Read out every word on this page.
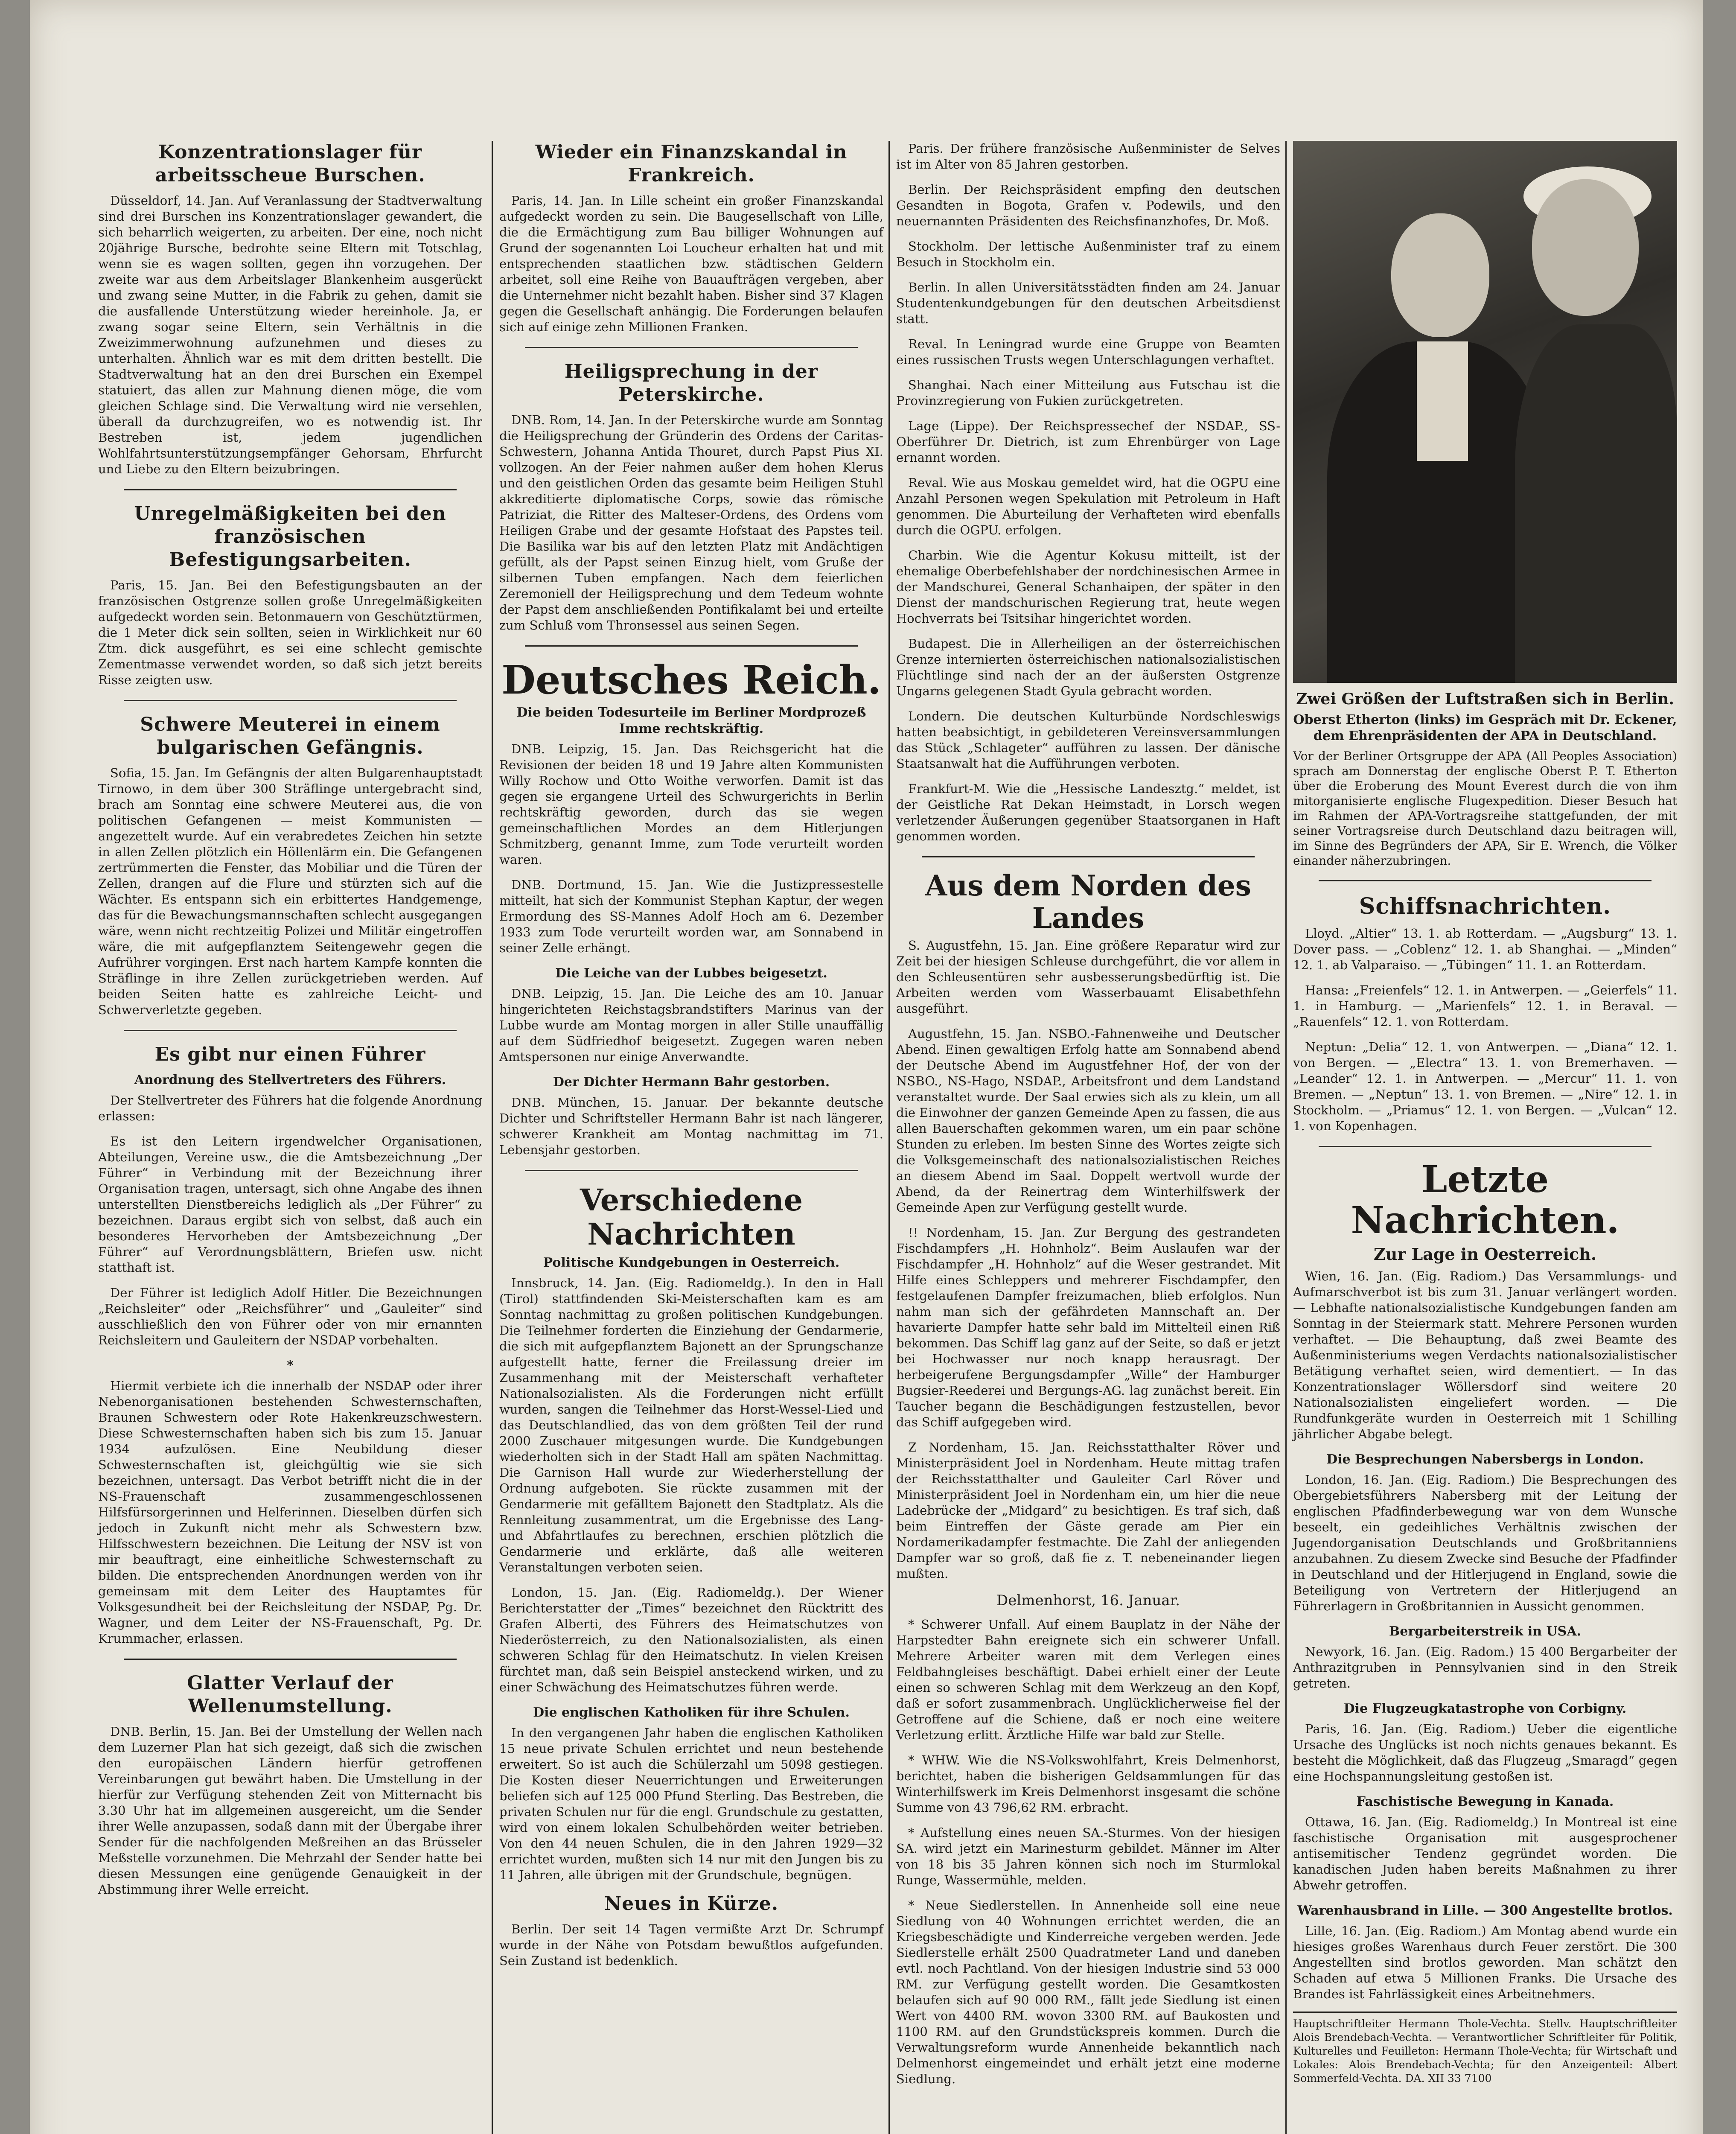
Konzentrationslager für arbeitsscheue Burschen.
Düsseldorf, 14. Jan. Auf Veranlassung der Stadtverwaltung sind drei Burschen ins Konzentrationslager gewandert, die sich beharrlich weigerten, zu arbeiten. Der eine, noch nicht 20jährige Bursche, bedrohte seine Eltern mit Totschlag, wenn sie es wagen sollten, gegen ihn vorzugehen. Der zweite war aus dem Arbeitslager Blankenheim ausgerückt und zwang seine Mutter, in die Fabrik zu gehen, damit sie die ausfallende Unterstützung wieder hereinhole. Ja, er zwang sogar seine Eltern, sein Verhältnis in die Zweizimmerwohnung aufzunehmen und dieses zu unterhalten. Ähnlich war es mit dem dritten bestellt. Die Stadtverwaltung hat an den drei Burschen ein Exempel statuiert, das allen zur Mahnung dienen möge, die vom gleichen Schlage sind. Die Verwaltung wird nie versehlen, überall da durchzugreifen, wo es notwendig ist. Ihr Bestreben ist, jedem jugendlichen Wohlfahrtsunterstützungsempfänger Gehorsam, Ehrfurcht und Liebe zu den Eltern beizubringen.
Unregelmäßigkeiten bei den französischen Befestigungsarbeiten.
Paris, 15. Jan. Bei den Befestigungsbauten an der französischen Ostgrenze sollen große Unregelmäßigkeiten aufgedeckt worden sein. Betonmauern von Geschütztürmen, die 1 Meter dick sein sollten, seien in Wirklichkeit nur 60 Ztm. dick ausgeführt, es sei eine schlecht gemischte Zementmasse verwendet worden, so daß sich jetzt bereits Risse zeigten usw.
Schwere Meuterei in einem bulgarischen Gefängnis.
Sofia, 15. Jan. Im Gefängnis der alten Bulgarenhauptstadt Tirnowo, in dem über 300 Sträflinge untergebracht sind, brach am Sonntag eine schwere Meuterei aus, die von politischen Gefangenen — meist Kommunisten — angezettelt wurde. Auf ein verabredetes Zeichen hin setzte in allen Zellen plötzlich ein Höllenlärm ein. Die Gefangenen zertrümmerten die Fenster, das Mobiliar und die Türen der Zellen, drangen auf die Flure und stürzten sich auf die Wächter. Es entspann sich ein erbittertes Handgemenge, das für die Bewachungsmannschaften schlecht ausgegangen wäre, wenn nicht rechtzeitig Polizei und Militär eingetroffen wäre, die mit aufgepflanztem Seitengewehr gegen die Aufrührer vorgingen. Erst nach hartem Kampfe konnten die Sträflinge in ihre Zellen zurückgetrieben werden. Auf beiden Seiten hatte es zahlreiche Leicht- und Schwerverletzte gegeben.
Es gibt nur einen Führer
Anordnung des Stellvertreters des Führers.
Der Stellvertreter des Führers hat die folgende Anordnung erlassen:
Es ist den Leitern irgendwelcher Organisationen, Abteilungen, Vereine usw., die die Amtsbezeichnung „Der Führer“ in Verbindung mit der Bezeichnung ihrer Organisation tragen, untersagt, sich ohne Angabe des ihnen unterstellten Dienstbereichs lediglich als „Der Führer“ zu bezeichnen. Daraus ergibt sich von selbst, daß auch ein besonderes Hervorheben der Amtsbezeichnung „Der Führer“ auf Verordnungsblättern, Briefen usw. nicht statthaft ist.
Der Führer ist lediglich Adolf Hitler. Die Bezeichnungen „Reichsleiter“ oder „Reichsführer“ und „Gauleiter“ sind ausschließlich den von Führer oder von mir ernannten Reichsleitern und Gauleitern der NSDAP vorbehalten.
*
Hiermit verbiete ich die innerhalb der NSDAP oder ihrer Nebenorganisationen bestehenden Schwesternschaften, Braunen Schwestern oder Rote Hakenkreuzschwestern. Diese Schwesternschaften haben sich bis zum 15. Januar 1934 aufzulösen. Eine Neubildung dieser Schwesternschaften ist, gleichgültig wie sie sich bezeichnen, untersagt. Das Verbot betrifft nicht die in der NS-Frauenschaft zusammengeschlossenen Hilfsfürsorgerinnen und Helferinnen. Dieselben dürfen sich jedoch in Zukunft nicht mehr als Schwestern bzw. Hilfsschwestern bezeichnen. Die Leitung der NSV ist von mir beauftragt, eine einheitliche Schwesternschaft zu bilden. Die entsprechenden Anordnungen werden von ihr gemeinsam mit dem Leiter des Hauptamtes für Volksgesundheit bei der Reichsleitung der NSDAP, Pg. Dr. Wagner, und dem Leiter der NS-Frauenschaft, Pg. Dr. Krummacher, erlassen.
Glatter Verlauf der Wellenumstellung.
DNB. Berlin, 15. Jan. Bei der Umstellung der Wellen nach dem Luzerner Plan hat sich gezeigt, daß sich die zwischen den europäischen Ländern hierfür getroffenen Vereinbarungen gut bewährt haben. Die Umstellung in der hierfür zur Verfügung stehenden Zeit von Mitternacht bis 3.30 Uhr hat im allgemeinen ausgereicht, um die Sender ihrer Welle anzupassen, sodaß dann mit der Übergabe ihrer Sender für die nachfolgenden Meßreihen an das Brüsseler Meßstelle vorzunehmen. Die Mehrzahl der Sender hatte bei diesen Messungen eine genügende Genauigkeit in der Abstimmung ihrer Welle erreicht.
Wieder ein Finanzskandal in Frankreich.
Paris, 14. Jan. In Lille scheint ein großer Finanzskandal aufgedeckt worden zu sein. Die Baugesellschaft von Lille, die die Ermächtigung zum Bau billiger Wohnungen auf Grund der sogenannten Loi Loucheur erhalten hat und mit entsprechenden staatlichen bzw. städtischen Geldern arbeitet, soll eine Reihe von Bauaufträgen vergeben, aber die Unternehmer nicht bezahlt haben. Bisher sind 37 Klagen gegen die Gesellschaft anhängig. Die Forderungen belaufen sich auf einige zehn Millionen Franken.
Heiligsprechung in der Peterskirche.
DNB. Rom, 14. Jan. In der Peterskirche wurde am Sonntag die Heiligsprechung der Gründerin des Ordens der Caritas-Schwestern, Johanna Antida Thouret, durch Papst Pius XI. vollzogen. An der Feier nahmen außer dem hohen Klerus und den geistlichen Orden das gesamte beim Heiligen Stuhl akkreditierte diplomatische Corps, sowie das römische Patriziat, die Ritter des Malteser-Ordens, des Ordens vom Heiligen Grabe und der gesamte Hofstaat des Papstes teil. Die Basilika war bis auf den letzten Platz mit Andächtigen gefüllt, als der Papst seinen Einzug hielt, vom Gruße der silbernen Tuben empfangen. Nach dem feierlichen Zeremoniell der Heiligsprechung und dem Tedeum wohnte der Papst dem anschließenden Pontifikalamt bei und erteilte zum Schluß vom Thronsessel aus seinen Segen.
Deutsches Reich.
Die beiden Todesurteile im Berliner Mordprozeß Imme rechtskräftig.
DNB. Leipzig, 15. Jan. Das Reichsgericht hat die Revisionen der beiden 18 und 19 Jahre alten Kommunisten Willy Rochow und Otto Woithe verworfen. Damit ist das gegen sie ergangene Urteil des Schwurgerichts in Berlin rechtskräftig geworden, durch das sie wegen gemeinschaftlichen Mordes an dem Hitlerjungen Schmitzberg, genannt Imme, zum Tode verurteilt worden waren.
DNB. Dortmund, 15. Jan. Wie die Justizpressestelle mitteilt, hat sich der Kommunist Stephan Kaptur, der wegen Ermordung des SS-Mannes Adolf Hoch am 6. Dezember 1933 zum Tode verurteilt worden war, am Sonnabend in seiner Zelle erhängt.
Die Leiche van der Lubbes beigesetzt.
DNB. Leipzig, 15. Jan. Die Leiche des am 10. Januar hingerichteten Reichstagsbrandstifters Marinus van der Lubbe wurde am Montag morgen in aller Stille unauffällig auf dem Südfriedhof beigesetzt. Zugegen waren neben Amtspersonen nur einige Anverwandte.
Der Dichter Hermann Bahr gestorben.
DNB. München, 15. Januar. Der bekannte deutsche Dichter und Schriftsteller Hermann Bahr ist nach längerer, schwerer Krankheit am Montag nachmittag im 71. Lebensjahr gestorben.
Verschiedene Nachrichten
Politische Kundgebungen in Oesterreich.
Innsbruck, 14. Jan. (Eig. Radiomeldg.). In den in Hall (Tirol) stattfindenden Ski-Meisterschaften kam es am Sonntag nachmittag zu großen politischen Kundgebungen. Die Teilnehmer forderten die Einziehung der Gendarmerie, die sich mit aufgepflanztem Bajonett an der Sprungschanze aufgestellt hatte, ferner die Freilassung dreier im Zusammenhang mit der Meisterschaft verhafteter Nationalsozialisten. Als die Forderungen nicht erfüllt wurden, sangen die Teilnehmer das Horst-Wessel-Lied und das Deutschlandlied, das von dem größten Teil der rund 2000 Zuschauer mitgesungen wurde. Die Kundgebungen wiederholten sich in der Stadt Hall am späten Nachmittag. Die Garnison Hall wurde zur Wiederherstellung der Ordnung aufgeboten. Sie rückte zusammen mit der Gendarmerie mit gefälltem Bajonett den Stadtplatz. Als die Rennleitung zusammentrat, um die Ergebnisse des Lang- und Abfahrtlaufes zu berechnen, erschien plötzlich die Gendarmerie und erklärte, daß alle weiteren Veranstaltungen verboten seien.
London, 15. Jan. (Eig. Radiomeldg.). Der Wiener Berichterstatter der „Times“ bezeichnet den Rücktritt des Grafen Alberti, des Führers des Heimatschutzes von Niederösterreich, zu den Nationalsozialisten, als einen schweren Schlag für den Heimatschutz. In vielen Kreisen fürchtet man, daß sein Beispiel ansteckend wirken, und zu einer Schwächung des Heimatschutzes führen werde.
Die englischen Katholiken für ihre Schulen.
In den vergangenen Jahr haben die englischen Katholiken 15 neue private Schulen errichtet und neun bestehende erweitert. So ist auch die Schülerzahl um 5098 gestiegen. Die Kosten dieser Neuerrichtungen und Erweiterungen beliefen sich auf 125 000 Pfund Sterling. Das Bestreben, die privaten Schulen nur für die engl. Grundschule zu gestatten, wird von einem lokalen Schulbehörden weiter betrieben. Von den 44 neuen Schulen, die in den Jahren 1929—32 errichtet wurden, mußten sich 14 nur mit den Jungen bis zu 11 Jahren, alle übrigen mit der Grundschule, begnügen.
Neues in Kürze.
Berlin. Der seit 14 Tagen vermißte Arzt Dr. Schrumpf wurde in der Nähe von Potsdam bewußtlos aufgefunden. Sein Zustand ist bedenklich.
Paris. Der frühere französische Außenminister de Selves ist im Alter von 85 Jahren gestorben.
Berlin. Der Reichspräsident empfing den deutschen Gesandten in Bogota, Grafen v. Podewils, und den neuernannten Präsidenten des Reichsfinanzhofes, Dr. Moß.
Stockholm. Der lettische Außenminister traf zu einem Besuch in Stockholm ein.
Berlin. In allen Universitätsstädten finden am 24. Januar Studentenkundgebungen für den deutschen Arbeitsdienst statt.
Reval. In Leningrad wurde eine Gruppe von Beamten eines russischen Trusts wegen Unterschlagungen verhaftet.
Shanghai. Nach einer Mitteilung aus Futschau ist die Provinzregierung von Fukien zurückgetreten.
Lage (Lippe). Der Reichspressechef der NSDAP., SS-Oberführer Dr. Dietrich, ist zum Ehrenbürger von Lage ernannt worden.
Reval. Wie aus Moskau gemeldet wird, hat die OGPU eine Anzahl Personen wegen Spekulation mit Petroleum in Haft genommen. Die Aburteilung der Verhafteten wird ebenfalls durch die OGPU. erfolgen.
Charbin. Wie die Agentur Kokusu mitteilt, ist der ehemalige Oberbefehlshaber der nordchinesischen Armee in der Mandschurei, General Schanhaipen, der später in den Dienst der mandschurischen Regierung trat, heute wegen Hochverrats bei Tsitsihar hingerichtet worden.
Budapest. Die in Allerheiligen an der österreichischen Grenze internierten österreichischen nationalsozialistischen Flüchtlinge sind nach der an der äußersten Ostgrenze Ungarns gelegenen Stadt Gyula gebracht worden.
Londern. Die deutschen Kulturbünde Nordschleswigs hatten beabsichtigt, in gebildeteren Vereinsversammlungen das Stück „Schlageter“ aufführen zu lassen. Der dänische Staatsanwalt hat die Aufführungen verboten.
Frankfurt-M. Wie die „Hessische Landesztg.“ meldet, ist der Geistliche Rat Dekan Heimstadt, in Lorsch wegen verletzender Äußerungen gegenüber Staatsorganen in Haft genommen worden.
Aus dem Norden des Landes
S. Augustfehn, 15. Jan. Eine größere Reparatur wird zur Zeit bei der hiesigen Schleuse durchgeführt, die vor allem in den Schleusentüren sehr ausbesserungsbedürftig ist. Die Arbeiten werden vom Wasserbauamt Elisabethfehn ausgeführt.
Augustfehn, 15. Jan. NSBO.-Fahnenweihe und Deutscher Abend. Einen gewaltigen Erfolg hatte am Sonnabend abend der Deutsche Abend im Augustfehner Hof, der von der NSBO., NS-Hago, NSDAP., Arbeitsfront und dem Landstand veranstaltet wurde. Der Saal erwies sich als zu klein, um all die Einwohner der ganzen Gemeinde Apen zu fassen, die aus allen Bauerschaften gekommen waren, um ein paar schöne Stunden zu erleben. Im besten Sinne des Wortes zeigte sich die Volksgemeinschaft des nationalsozialistischen Reiches an diesem Abend im Saal. Doppelt wertvoll wurde der Abend, da der Reinertrag dem Winterhilfswerk der Gemeinde Apen zur Verfügung gestellt wurde.
!! Nordenham, 15. Jan. Zur Bergung des gestrandeten Fischdampfers „H. Hohnholz“. Beim Auslaufen war der Fischdampfer „H. Hohnholz“ auf die Weser gestrandet. Mit Hilfe eines Schleppers und mehrerer Fischdampfer, den festgelaufenen Dampfer freizumachen, blieb erfolglos. Nun nahm man sich der gefährdeten Mannschaft an. Der havarierte Dampfer hatte sehr bald im Mittelteil einen Riß bekommen. Das Schiff lag ganz auf der Seite, so daß er jetzt bei Hochwasser nur noch knapp herausragt. Der herbeigerufene Bergungsdampfer „Wille“ der Hamburger Bugsier-Reederei und Bergungs-AG. lag zunächst bereit. Ein Taucher begann die Beschädigungen festzustellen, bevor das Schiff aufgegeben wird.
Z Nordenham, 15. Jan. Reichsstatthalter Röver und Ministerpräsident Joel in Nordenham. Heute mittag trafen der Reichsstatthalter und Gauleiter Carl Röver und Ministerpräsident Joel in Nordenham ein, um hier die neue Ladebrücke der „Midgard“ zu besichtigen. Es traf sich, daß beim Eintreffen der Gäste gerade am Pier ein Nordamerikadampfer festmachte. Die Zahl der anliegenden Dampfer war so groß, daß fie z. T. nebeneinander liegen mußten.
Delmenhorst, 16. Januar.
* Schwerer Unfall. Auf einem Bauplatz in der Nähe der Harpstedter Bahn ereignete sich ein schwerer Unfall. Mehrere Arbeiter waren mit dem Verlegen eines Feldbahngleises beschäftigt. Dabei erhielt einer der Leute einen so schweren Schlag mit dem Werkzeug an den Kopf, daß er sofort zusammenbrach. Unglücklicherweise fiel der Getroffene auf die Schiene, daß er noch eine weitere Verletzung erlitt. Ärztliche Hilfe war bald zur Stelle.
* WHW. Wie die NS-Volkswohlfahrt, Kreis Delmenhorst, berichtet, haben die bisherigen Geldsammlungen für das Winterhilfswerk im Kreis Delmenhorst insgesamt die schöne Summe von 43 796,62 RM. erbracht.
* Aufstellung eines neuen SA.-Sturmes. Von der hiesigen SA. wird jetzt ein Marinesturm gebildet. Männer im Alter von 18 bis 35 Jahren können sich noch im Sturmlokal Runge, Wassermühle, melden.
* Neue Siedlerstellen. In Annenheide soll eine neue Siedlung von 40 Wohnungen errichtet werden, die an Kriegsbeschädigte und Kinderreiche vergeben werden. Jede Siedlerstelle erhält 2500 Quadratmeter Land und daneben evtl. noch Pachtland. Von der hiesigen Industrie sind 53 000 RM. zur Verfügung gestellt worden. Die Gesamtkosten belaufen sich auf 90 000 RM., fällt jede Siedlung ist einen Wert von 4400 RM. wovon 3300 RM. auf Baukosten und 1100 RM. auf den Grundstückspreis kommen. Durch die Verwaltungsreform wurde Annenheide bekanntlich nach Delmenhorst eingemeindet und erhält jetzt eine moderne Siedlung.
Zwei Größen der Luftstraßen sich in Berlin.
Oberst Etherton (links) im Gespräch mit Dr. Eckener, dem Ehrenpräsidenten der APA in Deutschland.
Vor der Berliner Ortsgruppe der APA (All Peoples Association) sprach am Donnerstag der englische Oberst P. T. Etherton über die Eroberung des Mount Everest durch die von ihm mitorganisierte englische Flugexpedition. Dieser Besuch hat im Rahmen der APA-Vortragsreihe stattgefunden, der mit seiner Vortragsreise durch Deutschland dazu beitragen will, im Sinne des Begründers der APA, Sir E. Wrench, die Völker einander näherzubringen.
Schiffsnachrichten.
Lloyd. „Altier“ 13. 1. ab Rotterdam. — „Augsburg“ 13. 1. Dover pass. — „Coblenz“ 12. 1. ab Shanghai. — „Minden“ 12. 1. ab Valparaiso. — „Tübingen“ 11. 1. an Rotterdam.
Hansa: „Freienfels“ 12. 1. in Antwerpen. — „Geierfels“ 11. 1. in Hamburg. — „Marienfels“ 12. 1. in Beraval. — „Rauenfels“ 12. 1. von Rotterdam.
Neptun: „Delia“ 12. 1. von Antwerpen. — „Diana“ 12. 1. von Bergen. — „Electra“ 13. 1. von Bremerhaven. — „Leander“ 12. 1. in Antwerpen. — „Mercur“ 11. 1. von Bremen. — „Neptun“ 13. 1. von Bremen. — „Nire“ 12. 1. in Stockholm. — „Priamus“ 12. 1. von Bergen. — „Vulcan“ 12. 1. von Kopenhagen.
Letzte Nachrichten.
Zur Lage in Oesterreich.
Wien, 16. Jan. (Eig. Radiom.) Das Versammlungs- und Aufmarschverbot ist bis zum 31. Januar verlängert worden. — Lebhafte nationalsozialistische Kundgebungen fanden am Sonntag in der Steiermark statt. Mehrere Personen wurden verhaftet. — Die Behauptung, daß zwei Beamte des Außenministeriums wegen Verdachts nationalsozialistischer Betätigung verhaftet seien, wird dementiert. — In das Konzentrationslager Wöllersdorf sind weitere 20 Nationalsozialisten eingeliefert worden. — Die Rundfunkgeräte wurden in Oesterreich mit 1 Schilling jährlicher Abgabe belegt.
Die Besprechungen Nabersbergs in London.
London, 16. Jan. (Eig. Radiom.) Die Besprechungen des Obergebietsführers Nabersberg mit der Leitung der englischen Pfadfinderbewegung war von dem Wunsche beseelt, ein gedeihliches Verhältnis zwischen der Jugendorganisation Deutschlands und Großbritanniens anzubahnen. Zu diesem Zwecke sind Besuche der Pfadfinder in Deutschland und der Hitlerjugend in England, sowie die Beteiligung von Vertretern der Hitlerjugend an Führerlagern in Großbritannien in Aussicht genommen.
Bergarbeiterstreik in USA.
Newyork, 16. Jan. (Eig. Radom.) 15 400 Bergarbeiter der Anthrazitgruben in Pennsylvanien sind in den Streik getreten.
Die Flugzeugkatastrophe von Corbigny.
Paris, 16. Jan. (Eig. Radiom.) Ueber die eigentliche Ursache des Unglücks ist noch nichts genaues bekannt. Es besteht die Möglichkeit, daß das Flugzeug „Smaragd“ gegen eine Hochspannungsleitung gestoßen ist.
Faschistische Bewegung in Kanada.
Ottawa, 16. Jan. (Eig. Radiomeldg.) In Montreal ist eine faschistische Organisation mit ausgesprochener antisemitischer Tendenz gegründet worden. Die kanadischen Juden haben bereits Maßnahmen zu ihrer Abwehr getroffen.
Warenhausbrand in Lille. — 300 Angestellte brotlos.
Lille, 16. Jan. (Eig. Radiom.) Am Montag abend wurde ein hiesiges großes Warenhaus durch Feuer zerstört. Die 300 Angestellten sind brotlos geworden. Man schätzt den Schaden auf etwa 5 Millionen Franks. Die Ursache des Brandes ist Fahrlässigkeit eines Arbeitnehmers.
Hauptschriftleiter Hermann Thole-Vechta. Stellv. Hauptschriftleiter Alois Brendebach-Vechta. — Verantwortlicher Schriftleiter für Politik, Kulturelles und Feuilleton: Hermann Thole-Vechta; für Wirtschaft und Lokales: Alois Brendebach-Vechta; für den Anzeigenteil: Albert Sommerfeld-Vechta. DA. XII 33 7100
